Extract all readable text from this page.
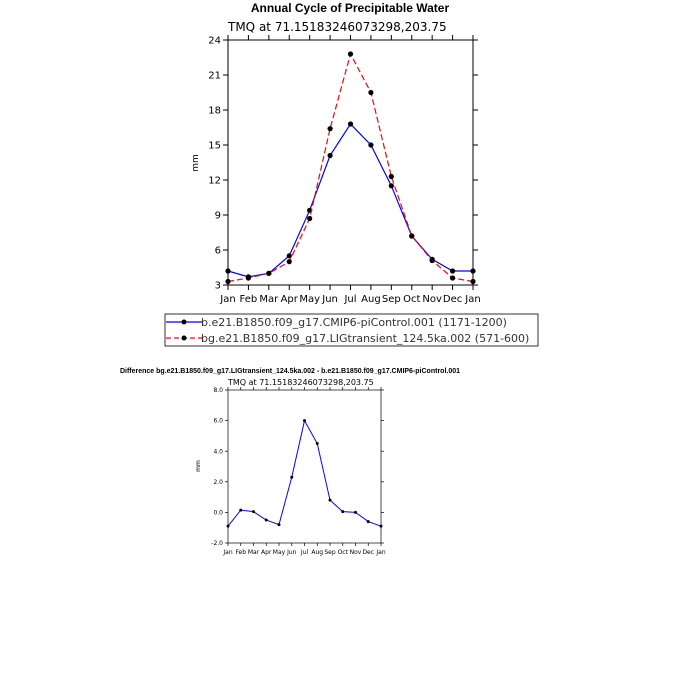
Annual Cycle of Precipitable Water
TMQ at 71.15183246073298,203.75
mm
3
6
9
12
15
18
21
24
Jan Feb Mar Apr May Jun Jul Aug Sep Oct Nov Dec Jan
b.e21.B1850.f09_g17.CMIP6-piControl.001 (1171-1200)
bg.e21.B1850.f09_g17.LIGtransient_124.5ka.002 (571-600)
Difference bg.e21.B1850.f09_g17.LIGtransient_124.5ka.002 - b.e21.B1850.f09_g17.CMIP6-piControl.001
TMQ at 71.15183246073298,203.75
mm
-2.0
0.0
2.0
4.0
6.0
8.0
Jan Feb Mar Apr May Jun Jul Aug Sep Oct Nov Dec Jan
